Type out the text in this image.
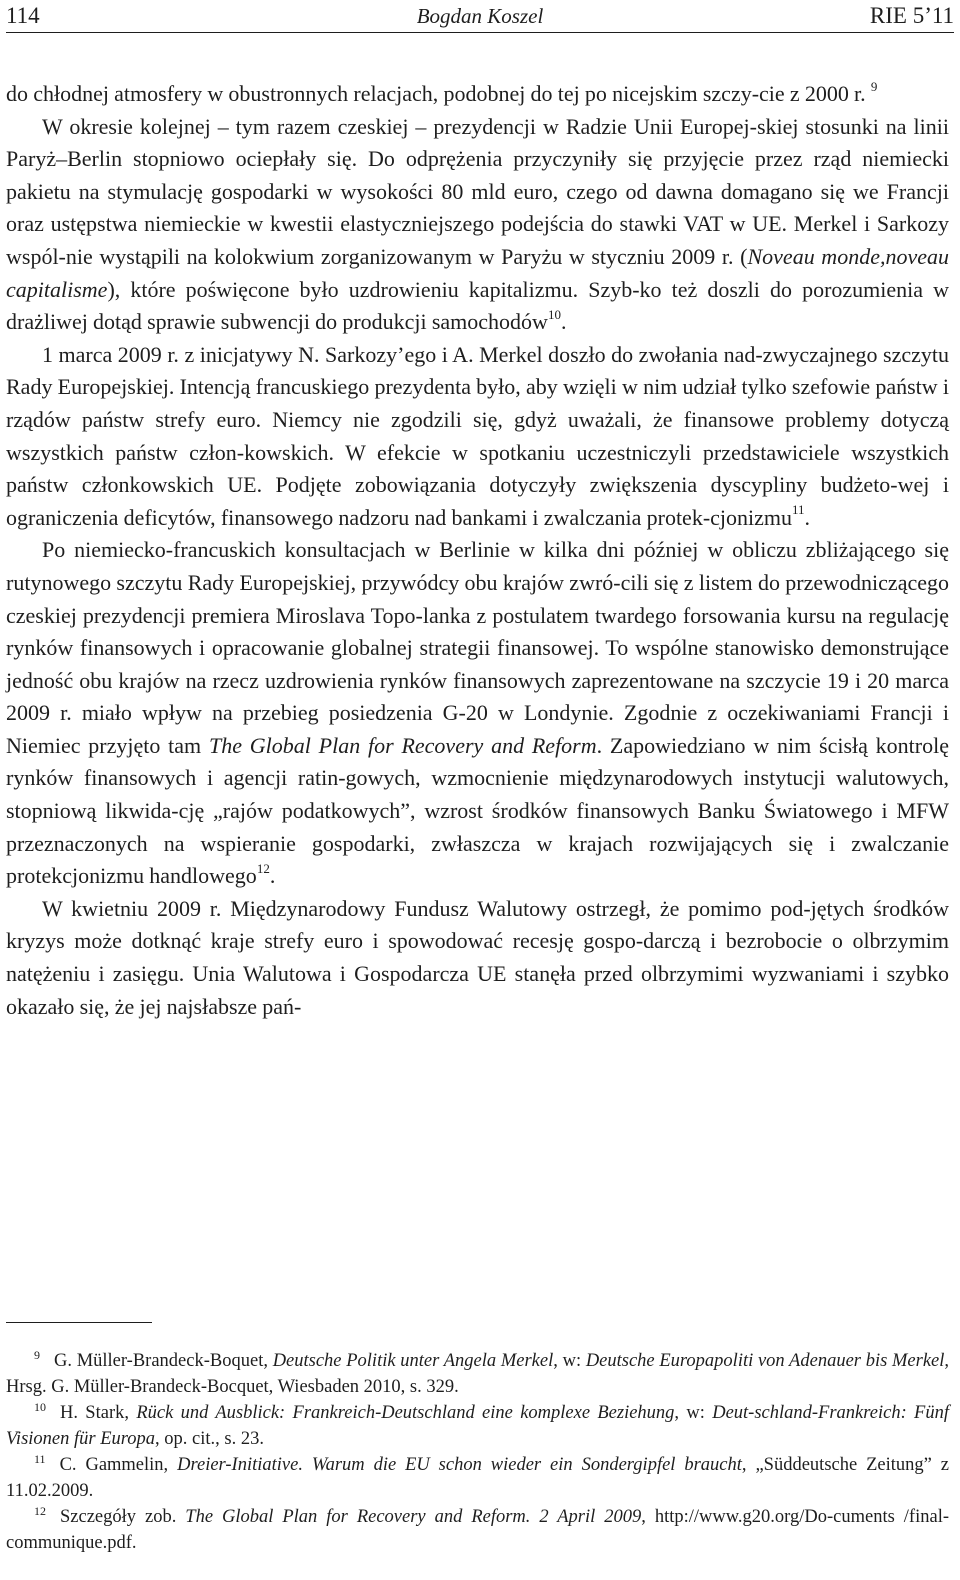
114	Bogdan Koszel	RIE 5’11

do chłodnej atmosfery w obustronnych relacjach, podobnej do tej po nicejskim szczy-cie z 2000 r. $^9$

W okresie kolejnej – tym razem czeskiej – prezydencji w Radzie Unii Europej-skiej stosunki na linii Paryż–Berlin stopniowo ociepłały się. Do odprężenia przyczyniły się przyjęcie przez rząd niemiecki pakietu na stymulację gospodarki w wysokości 80 mld euro, czego od dawna domagano się we Francji oraz ustępstwa niemieckie w kwestii elastyczniejszego podejścia do stawki VAT w UE. Merkel i Sarkozy wspól-nie wystąpili na kolokwium zorganizowanym w Paryżu w styczniu 2009 r. (Noveau monde,noveau capitalisme), które poświęcone było uzdrowieniu kapitalizmu. Szyb-ko też doszli do porozumienia w drażliwej dotąd sprawie subwencji do produkcji samochodów$^{10}$.

1 marca 2009 r. z inicjatywy N. Sarkozy’ego i A. Merkel doszło do zwołania nad-zwyczajnego szczytu Rady Europejskiej. Intencją francuskiego prezydenta było, aby wzięli w nim udział tylko szefowie państw i rządów państw strefy euro. Niemcy nie zgodzili się, gdyż uważali, że finansowe problemy dotyczą wszystkich państw człon-kowskich. W efekcie w spotkaniu uczestniczyli przedstawiciele wszystkich państw członkowskich UE. Podjęte zobowiązania dotyczyły zwiększenia dyscypliny budżeto-wej i ograniczenia deficytów, finansowego nadzoru nad bankami i zwalczania protek-cjonizmu$^{11}$.

Po niemiecko-francuskich konsultacjach w Berlinie w kilka dni później w obliczu zbliżającego się rutynowego szczytu Rady Europejskiej, przywódcy obu krajów zwró-cili się z listem do przewodniczącego czeskiej prezydencji premiera Miroslava Topo-lanka z postulatem twardego forsowania kursu na regulację rynków finansowych i opracowanie globalnej strategii finansowej. To wspólne stanowisko demonstrujące jedność obu krajów na rzecz uzdrowienia rynków finansowych zaprezentowane na szczycie 19 i 20 marca 2009 r. miało wpływ na przebieg posiedzenia G-20 w Londynie. Zgodnie z oczekiwaniami Francji i Niemiec przyjęto tam The Global Plan for Recovery and Reform. Zapowiedziano w nim ścisłą kontrolę rynków finansowych i agencji ratin-gowych, wzmocnienie międzynarodowych instytucji walutowych, stopniową likwida-cję „rajów podatkowych”, wzrost środków finansowych Banku Światowego i MFW przeznaczonych na wspieranie gospodarki, zwłaszcza w krajach rozwijających się i zwalczanie protekcjonizmu handlowego$^{12}$.

W kwietniu 2009 r. Międzynarodowy Fundusz Walutowy ostrzegł, że pomimo pod-jętych środków kryzys może dotknąć kraje strefy euro i spowodować recesję gospo-darczą i bezrobocie o olbrzymim natężeniu i zasięgu. Unia Walutowa i Gospodarcza UE stanęła przed olbrzymimi wyzwaniami i szybko okazało się, że jej najsłabsze pań-

$^9$ G. Müller-Brandeck-Boquet, Deutsche Politik unter Angela Merkel, w: Deutsche Europapoliti von Adenauer bis Merkel, Hrsg. G. Müller-Brandeck-Bocquet, Wiesbaden 2010, s. 329.

$^{10}$ H. Stark, Rück und Ausblick: Frankreich-Deutschland eine komplexe Beziehung, w: Deut-schland-Frankreich: Fünf Visionen für Europa, op. cit., s. 23.

$^{11}$ C. Gammelin, Dreier-Initiative. Warum die EU schon wieder ein Sondergipfel braucht, „Süddeutsche Zeitung” z 11.02.2009.

$^{12}$ Szczegóły zob. The Global Plan for Recovery and Reform. 2 April 2009, http://www.g20.org/Do-cuments /final-communique.pdf.
